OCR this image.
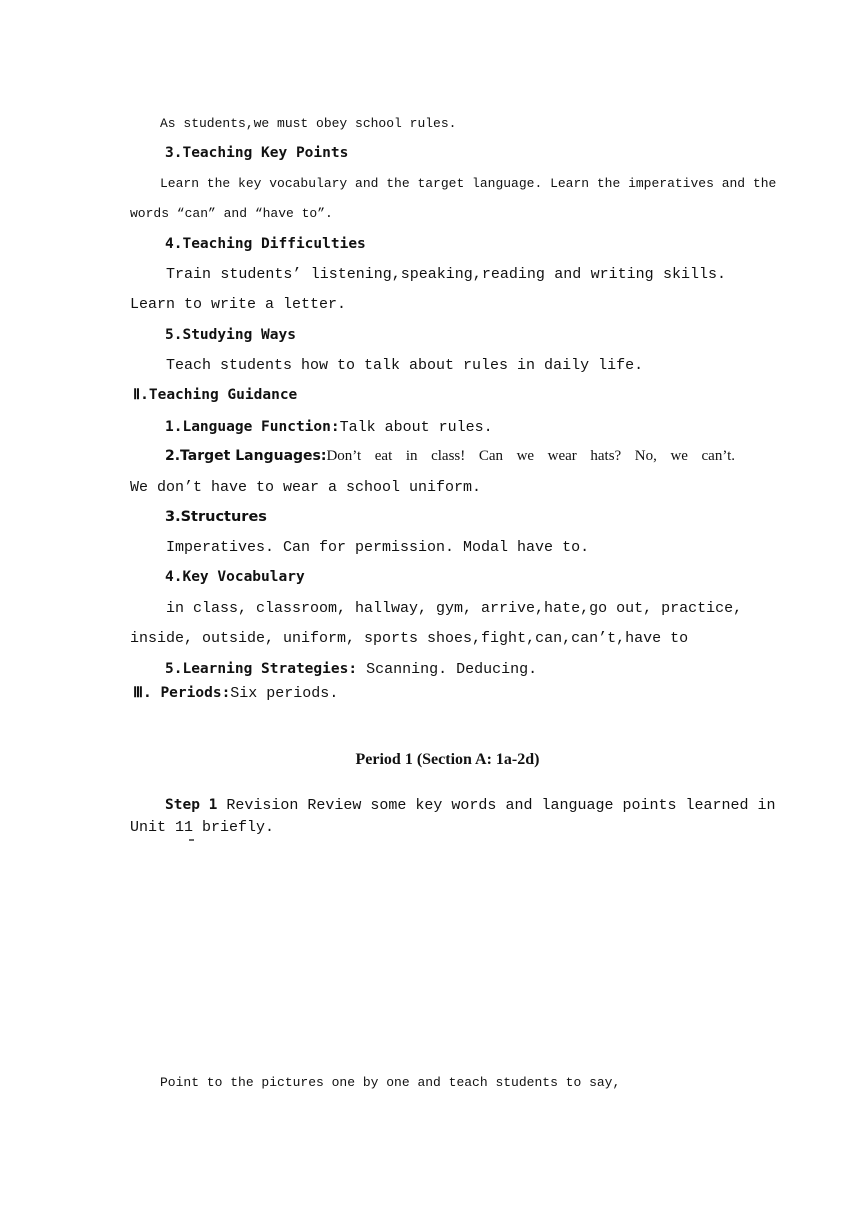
As students,we must obey school rules.
3.Teaching Key Points
Learn the key vocabulary and the target language. Learn the imperatives and the
words “can” and “have to”.
4.Teaching Difficulties
Train students’ listening,speaking,reading and writing skills.
Learn to write a letter.
5.Studying Ways
Teach students how to talk about rules in daily life.
Ⅱ.Teaching Guidance
1.Language Function:Talk about rules.
2.Target Languages: Don’t eat in class! Can we wear hats? No, we can’t.
We don’t have to wear a school uniform.
3.Structures
Imperatives. Can for permission. Modal have to.
4.Key Vocabulary
in class, classroom, hallway, gym, arrive,hate,go out, practice,
inside, outside, uniform, sports shoes,fight,can,can’t,have to
5.Learning Strategies: Scanning. Deducing.
Ⅲ. Periods:Six periods.
Period 1 (Section A: 1a-2d)
Step 1 Revision Review some key words and language points learned in
Unit 11 briefly.
Point to the pictures one by one and teach students to say,
